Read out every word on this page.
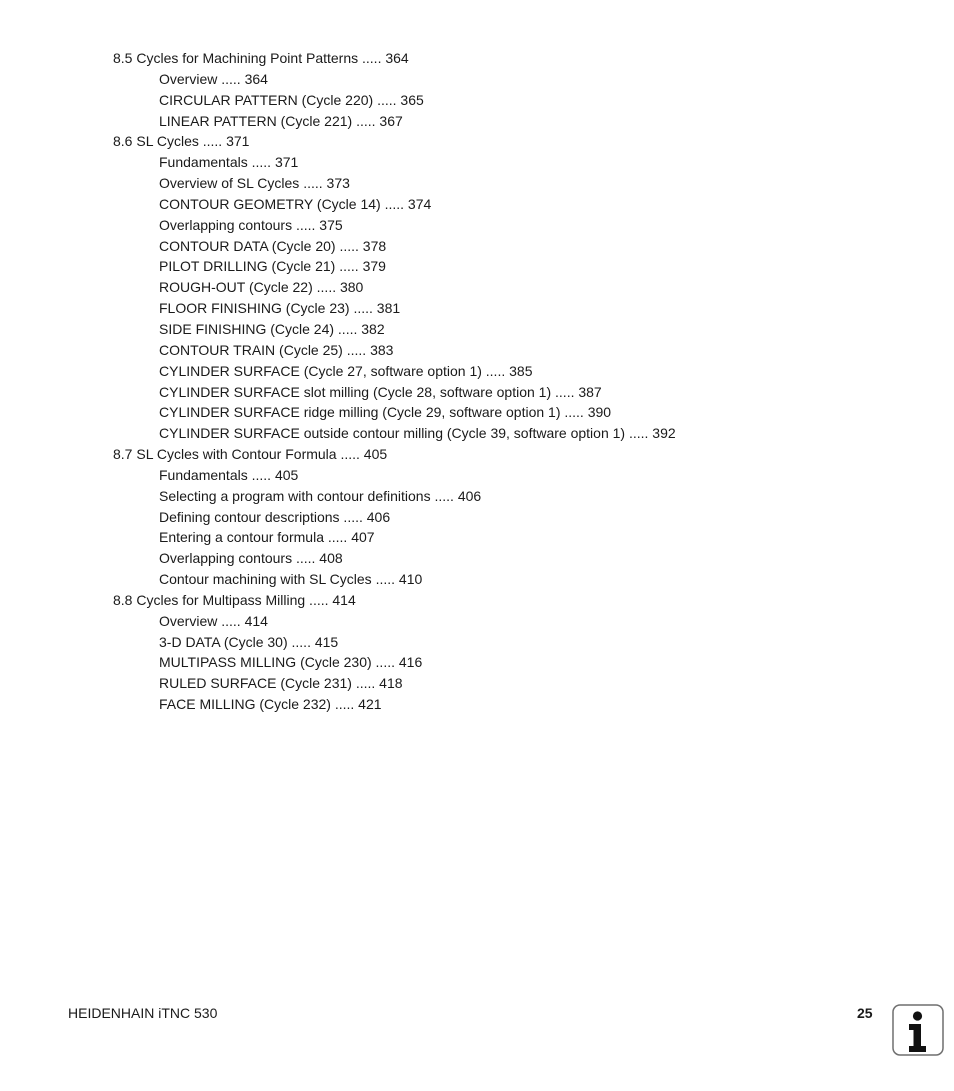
8.5 Cycles for Machining Point Patterns ..... 364
Overview ..... 364
CIRCULAR PATTERN (Cycle 220) ..... 365
LINEAR PATTERN (Cycle 221) ..... 367
8.6 SL Cycles ..... 371
Fundamentals ..... 371
Overview of SL Cycles ..... 373
CONTOUR GEOMETRY (Cycle 14) ..... 374
Overlapping contours ..... 375
CONTOUR DATA (Cycle 20) ..... 378
PILOT DRILLING (Cycle 21) ..... 379
ROUGH-OUT (Cycle 22) ..... 380
FLOOR FINISHING (Cycle 23) ..... 381
SIDE FINISHING (Cycle 24) ..... 382
CONTOUR TRAIN (Cycle 25) ..... 383
CYLINDER SURFACE (Cycle 27, software option 1) ..... 385
CYLINDER SURFACE slot milling (Cycle 28, software option 1) ..... 387
CYLINDER SURFACE ridge milling (Cycle 29, software option 1) ..... 390
CYLINDER SURFACE outside contour milling (Cycle 39, software option 1) ..... 392
8.7 SL Cycles with Contour Formula ..... 405
Fundamentals ..... 405
Selecting a program with contour definitions ..... 406
Defining contour descriptions ..... 406
Entering a contour formula ..... 407
Overlapping contours ..... 408
Contour machining with SL Cycles ..... 410
8.8 Cycles for Multipass Milling ..... 414
Overview ..... 414
3-D DATA (Cycle 30) ..... 415
MULTIPASS MILLING (Cycle 230) ..... 416
RULED SURFACE (Cycle 231) ..... 418
FACE MILLING (Cycle 232) ..... 421
HEIDENHAIN iTNC 530	25
